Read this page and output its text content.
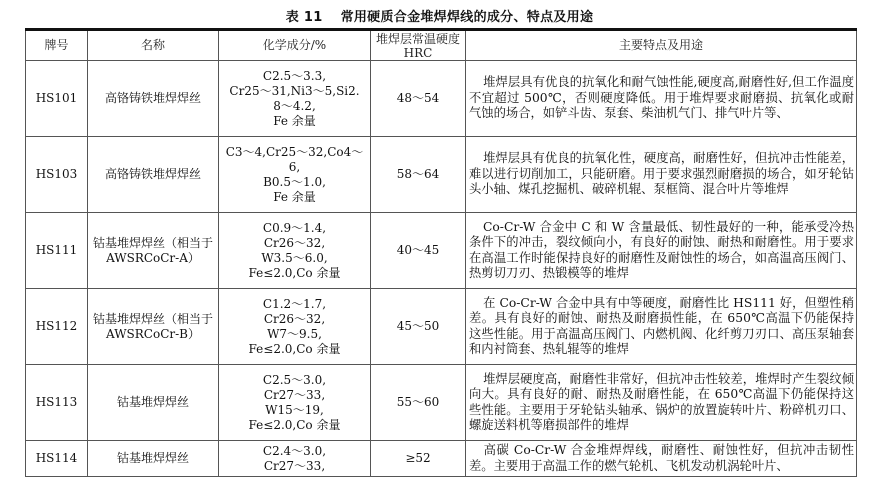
表 11 常用硬质合金堆焊焊线的成分、特点及用途
牌号	名称	化学成分/%	堆焊层常温硬度 HRC	主要特点及用途
HS101	高铬铸铁堆焊焊丝	C2.5～3.3,
Cr25～31,Ni3～5,Si2.
8～4.2,
Fe 余量	48～54	堆焊层具有优良的抗氧化和耐气蚀性能,硬度高,耐磨性好,但工作温度不宜超过 500℃，否则硬度降低。用于堆焊要求耐磨损、抗氧化或耐气蚀的场合，如铲斗齿、泵套、柴油机气门、排气叶片等、
HS103	高铬铸铁堆焊焊丝	C3～4,Cr25～32,Co4～
6,
B0.5～1.0,
Fe 余量	58～64	堆焊层具有优良的抗氧化性，硬度高，耐磨性好，但抗冲击性能差，难以进行切削加工，只能研磨。用于要求强烈耐磨损的场合，如牙轮钻头小轴、煤孔挖掘机、破碎机辊、泵框筒、混合叶片等堆焊
HS111	钴基堆焊焊丝（相当于 AWSRCoCr-A）	C0.9～1.4,
Cr26～32,
W3.5～6.0,
Fe≤2.0,Co 余量	40～45	Co-Cr-W 合金中 C 和 W 含量最低、韧性最好的一种，能承受冷热条件下的冲击，裂纹倾向小，有良好的耐蚀、耐热和耐磨性。用于要求在高温工作时能保持良好的耐磨性及耐蚀性的场合，如高温高压阀门、热剪切刀刃、热锻模等的堆焊
HS112	钴基堆焊焊丝（相当于 AWSRCoCr-B）	C1.2～1.7,
Cr26～32,
W7～9.5,
Fe≤2.0,Co 余量	45～50	在 Co-Cr-W 合金中具有中等硬度，耐磨性比 HS111 好，但塑性稍差。具有良好的耐蚀、耐热及耐磨损性能，在 650℃高温下仍能保持这些性能。用于高温高压阀门、内燃机阀、化纤剪刀刃口、高压泵轴套和内衬筒套、热轧辊等的堆焊
HS113	钴基堆焊焊丝	C2.5～3.0,
Cr27～33,
W15～19,
Fe≤2.0,Co 余量	55～60	堆焊层硬度高，耐磨性非常好，但抗冲击性较差，堆焊时产生裂纹倾向大。具有良好的耐、耐热及耐磨性能，在 650℃高温下仍能保持这些性能。主要用于牙轮钻头轴承、锅炉的放置旋转叶片、粉碎机刃口、螺旋送料机等磨损部件的堆焊
HS114	钴基堆焊焊丝	C2.4～3.0,
Cr27～33,	≥52	高碳 Co-Cr-W 合金堆焊焊线，耐磨性、耐蚀性好，但抗冲击韧性差。主要用于高温工作的燃气轮机、飞机发动机涡轮叶片、
